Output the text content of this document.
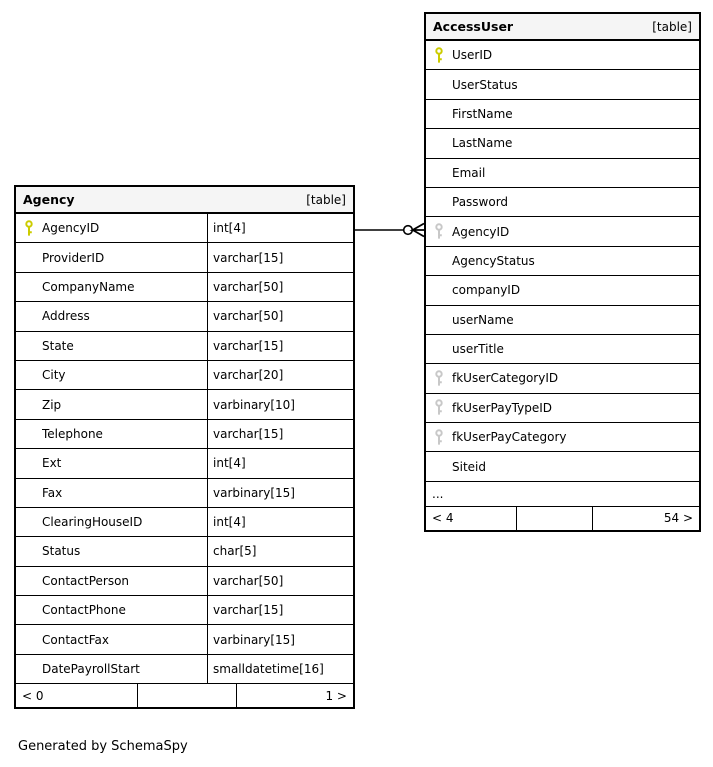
Agency	[table]
AgencyID	int[4]
ProviderID	varchar[15]
CompanyName	varchar[50]
Address	varchar[50]
State	varchar[15]
City	varchar[20]
Zip	varbinary[10]
Telephone	varchar[15]
Ext	int[4]
Fax	varbinary[15]
ClearingHouseID	int[4]
Status	char[5]
ContactPerson	varchar[50]
ContactPhone	varchar[15]
ContactFax	varbinary[15]
DatePayrollStart	smalldatetime[16]
< 0	1 >
AccessUser	[table]
UserID
UserStatus
FirstName
LastName
Email
Password
AgencyID
AgencyStatus
companyID
userName
userTitle
fkUserCategoryID
fkUserPayTypeID
fkUserPayCategory
Siteid
...
< 4	54 >
Generated by SchemaSpy
